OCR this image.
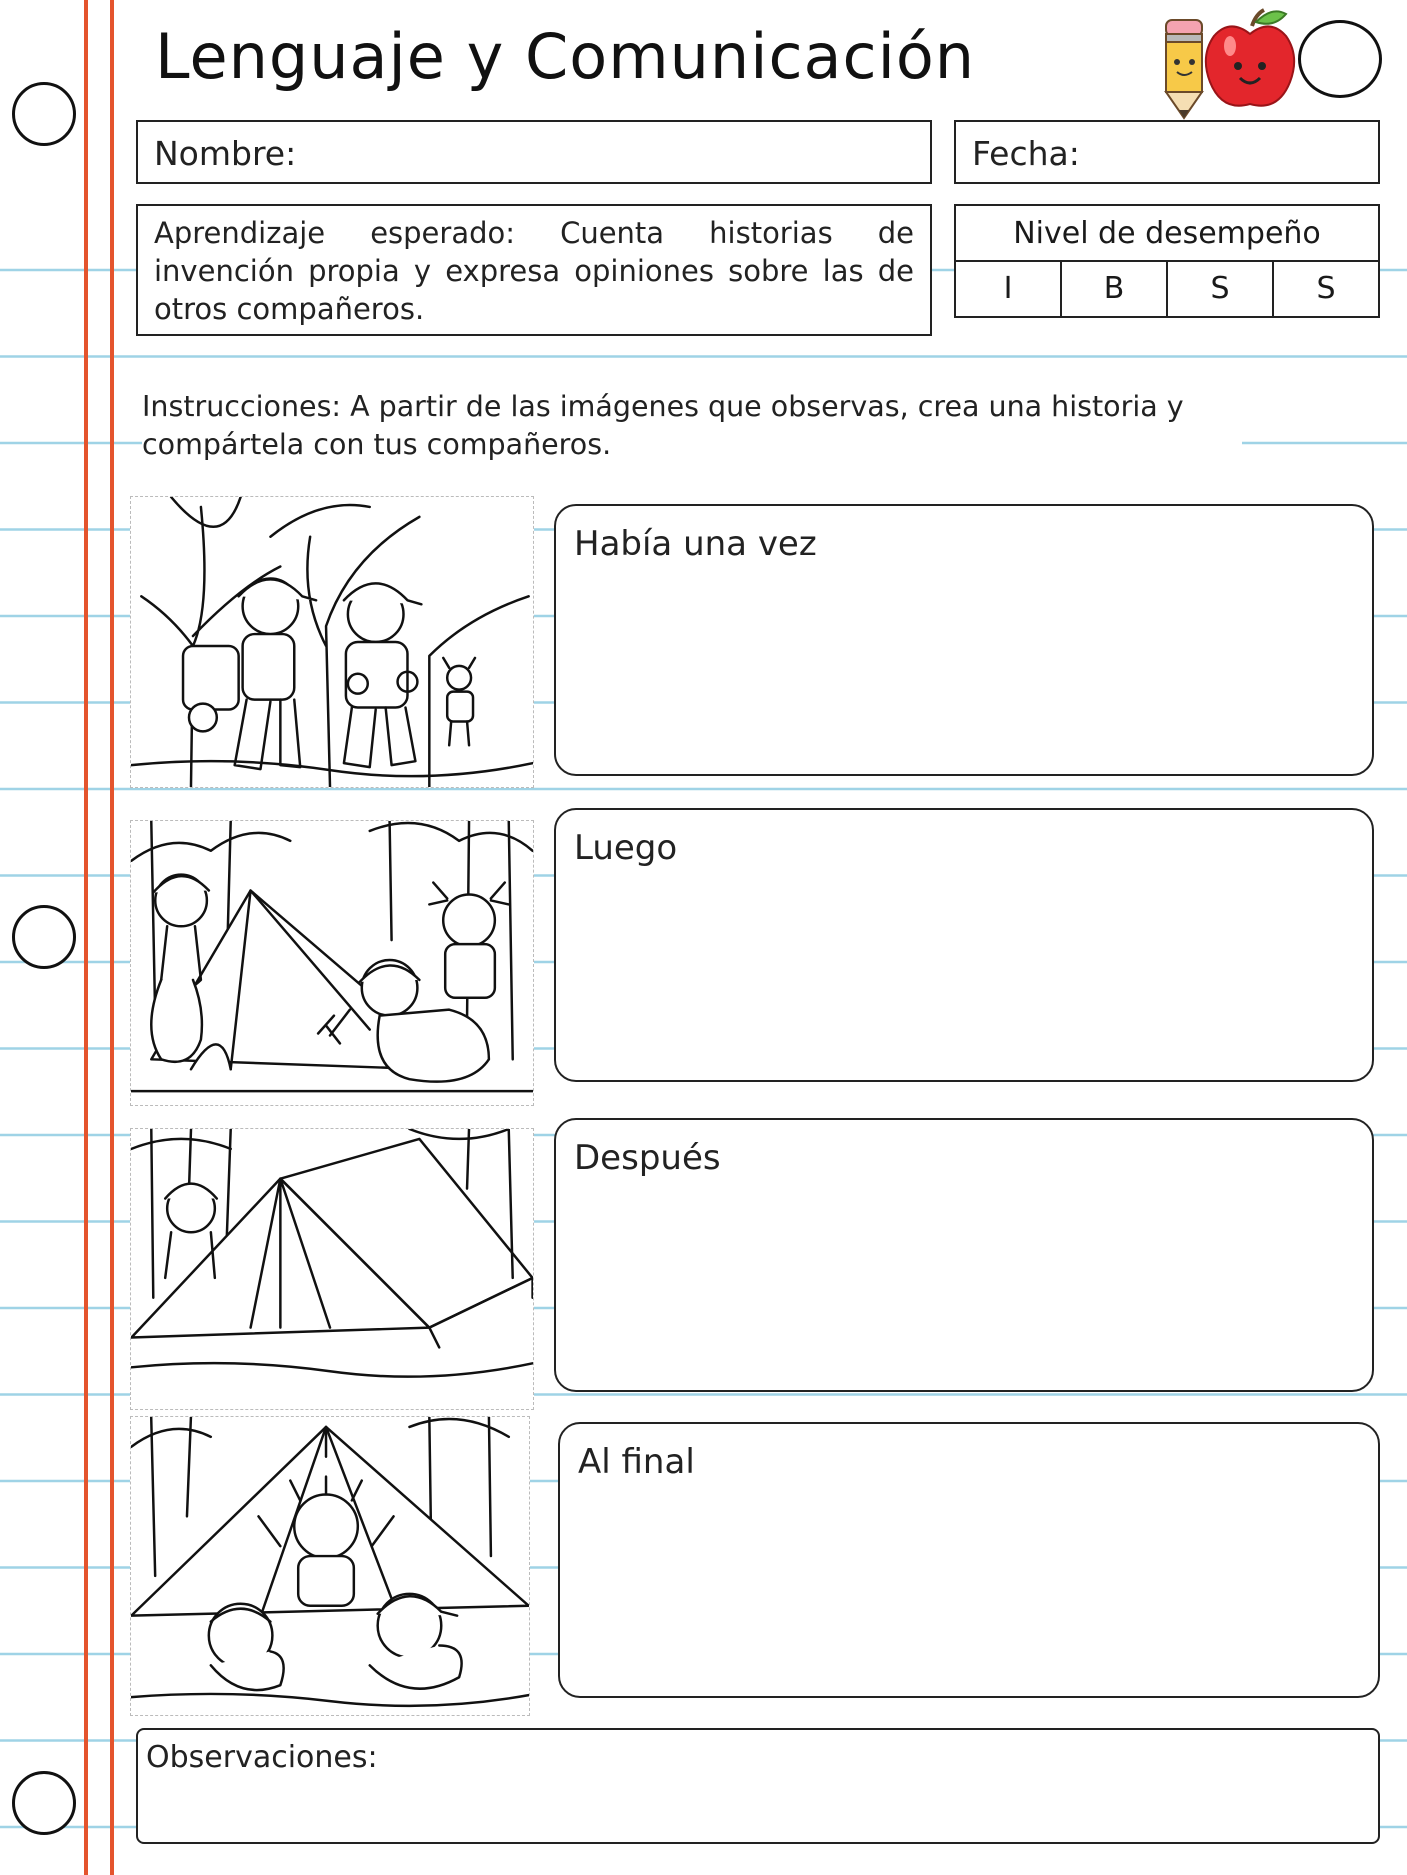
Lenguaje y Comunicación
Nombre:	Fecha:
Aprendizaje esperado: Cuenta historias de invención propia y expresa opiniones sobre las de otros compañeros.
Nivel de desempeño
I	B	S	S
Instrucciones: A partir de las imágenes que observas, crea una historia y compártela con tus compañeros.
Había una vez
Luego
Después
Al final
Observaciones:
